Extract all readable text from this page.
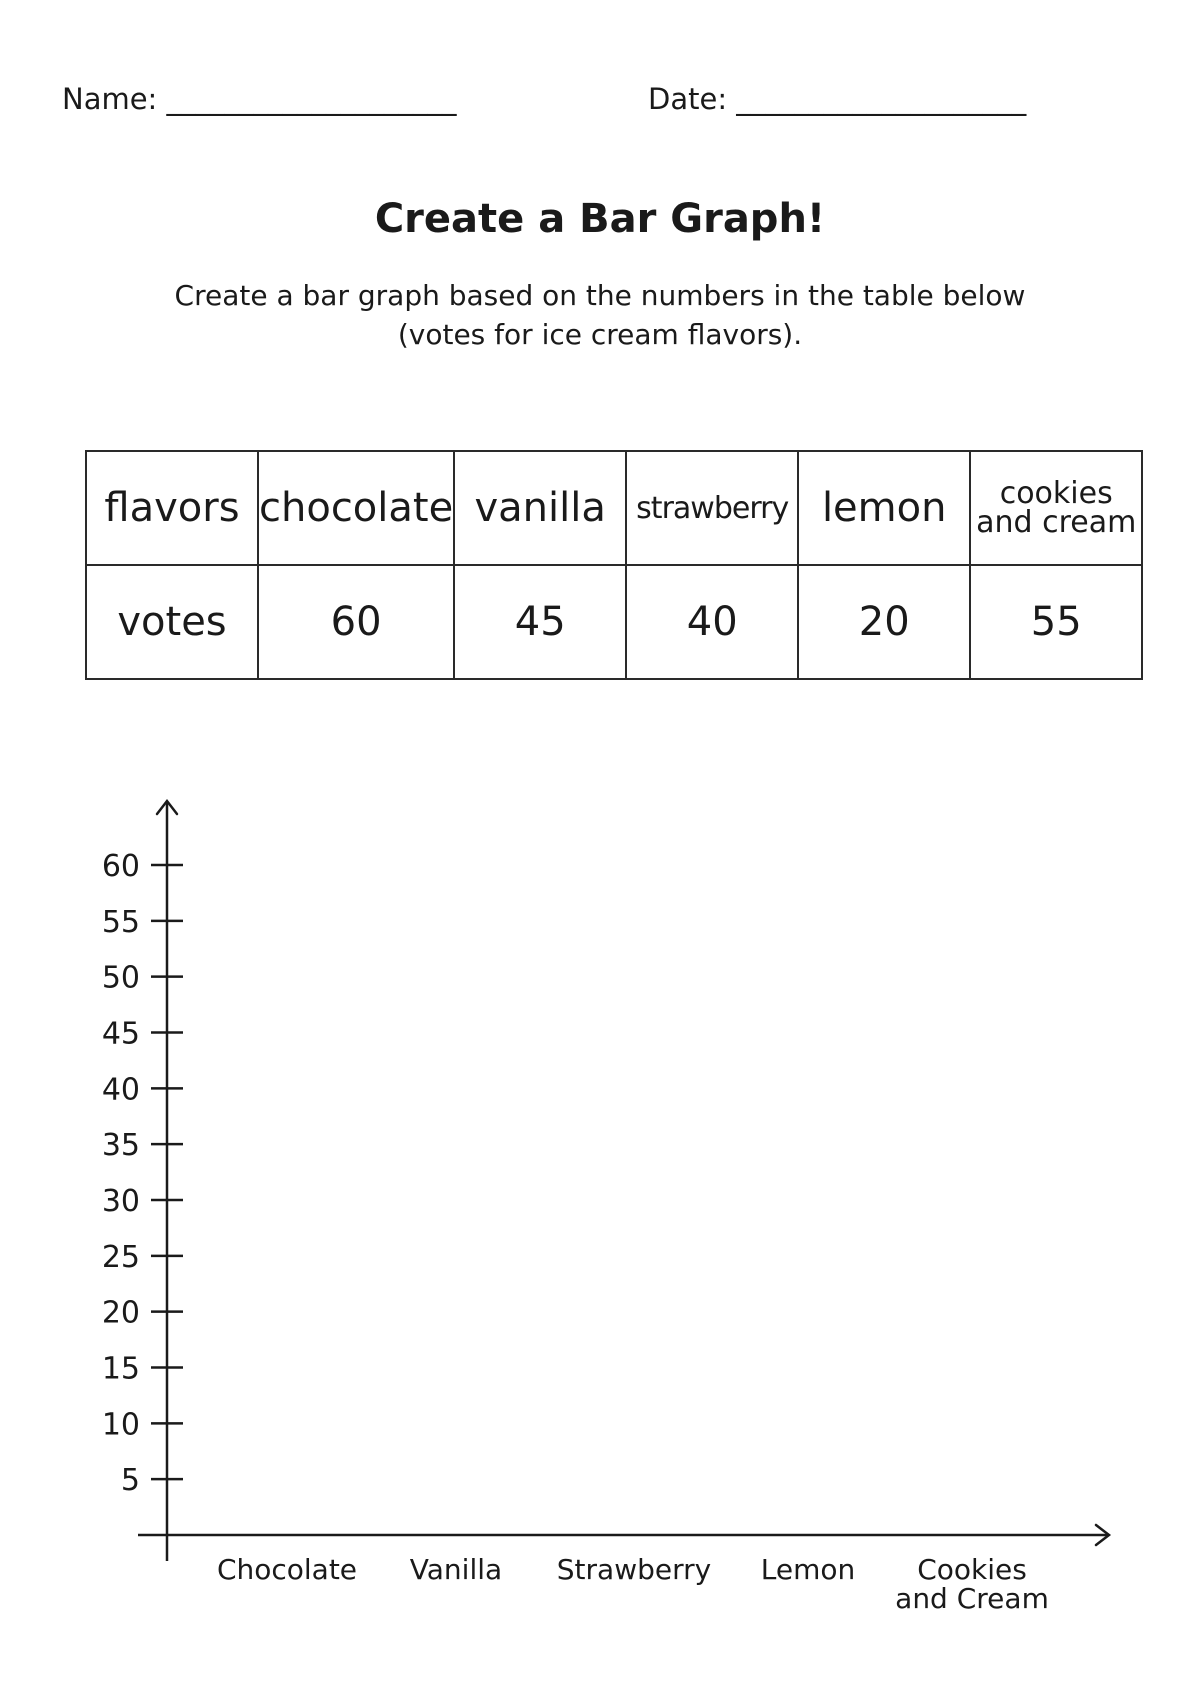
Name: ____________________	Date: ____________________
Create a Bar Graph!
Create a bar graph based on the numbers in the table below
(votes for ice cream flavors).
flavors	chocolate	vanilla	strawberry	lemon	cookies
and cream

votes	60	45	40	20	55
5
10
15
20
25
30
35
40
45
50
55
60
Chocolate Vanilla Strawberry Lemon Cookies
and Cream
